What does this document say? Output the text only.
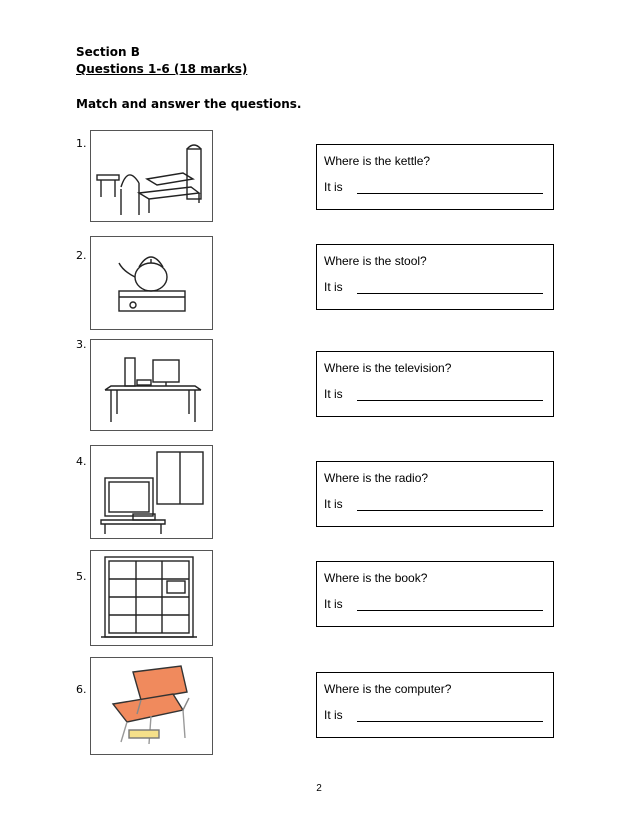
Section B
Questions 1-6 (18 marks)
Match and answer the questions.
1.
Where is the kettle?
It is
2.	Where is the stool?
It is
3.
Where is the television?
It is
4.
Where is the radio?
It is
5.	Where is the book?
It is
6.	Where is the computer?
It is
2
